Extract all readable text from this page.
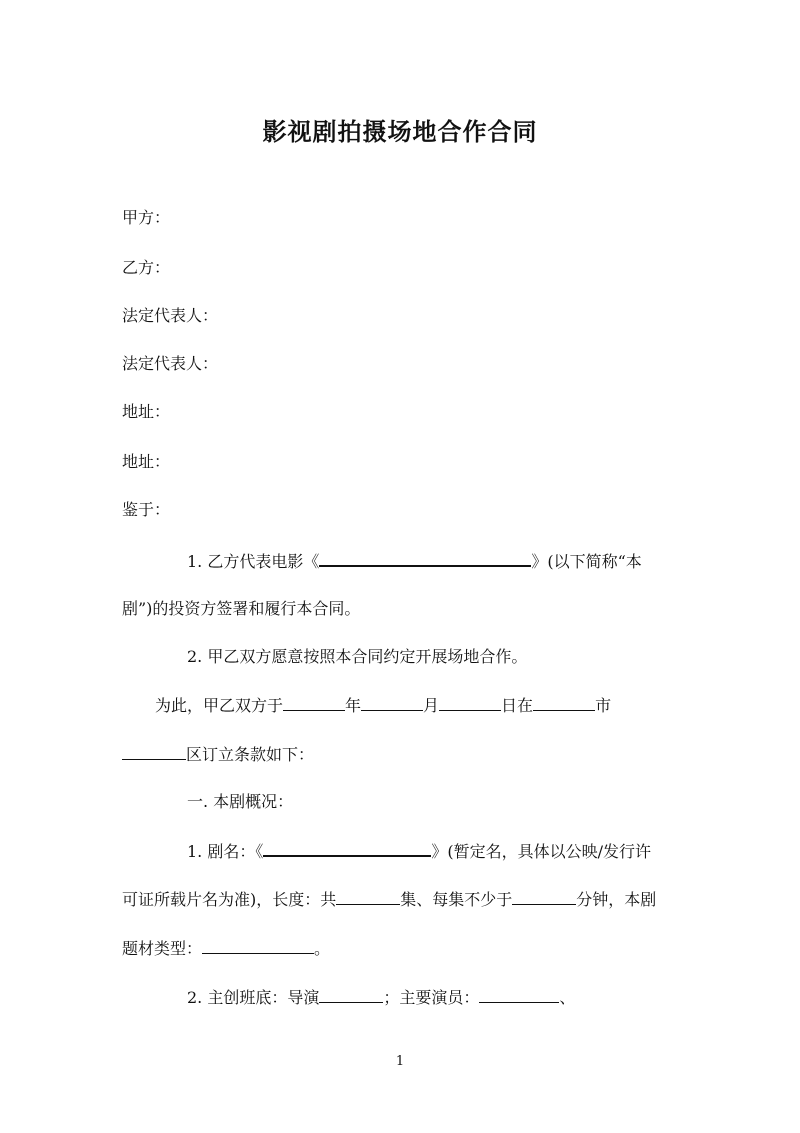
影视剧拍摄场地合作合同
甲方：
乙方：
法定代表人：
法定代表人：
地址：
地址：
鉴于：
1. 乙方代表电影《	》(以下简称“本
剧”)的投资方签署和履行本合同。
2. 甲乙双方愿意按照本合同约定开展场地合作。
为此，甲乙双方于	年	月	日在	市
区订立条款如下：
一. 本剧概况：
1. 剧名：《	》(暂定名，具体以公映/发行许
可证所载片名为准)，长度：共	集、每集不少于	分钟，本剧
题材类型：	。
2. 主创班底：导演	；主要演员：	、
1
